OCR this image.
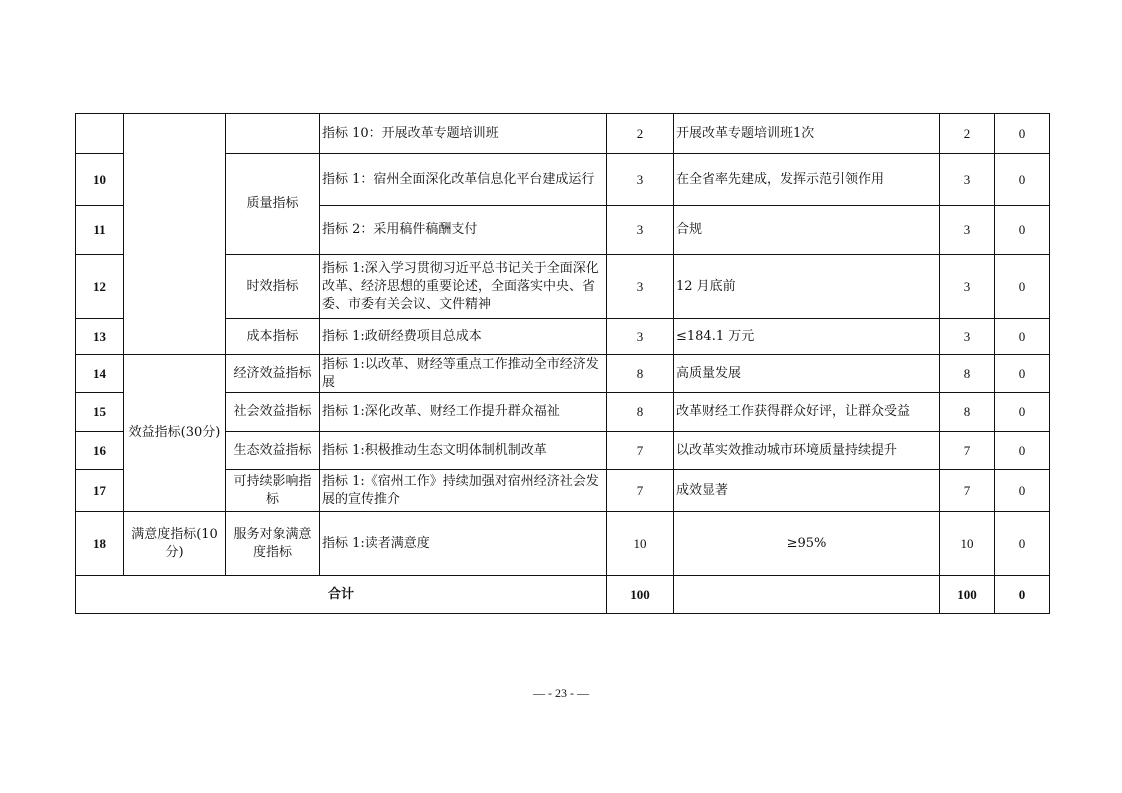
			指标 10：开展改革专题培训班	2	开展改革专题培训班1次	2	0
10		质量指标	指标 1：宿州全面深化改革信息化平台建成运行	3	在全省率先建成，发挥示范引领作用	3	0
11			指标 2：采用稿件稿酬支付	3	合规	3	0
12		时效指标	指标 1:深入学习贯彻习近平总书记关于全面深化改革、经济思想的重要论述，全面落实中央、省委、市委有关会议、文件精神	3	12 月底前	3	0
13		成本指标	指标 1:政研经费项目总成本	3	≤184.1 万元	3	0
14	效益指标(30分)	经济效益指标	指标 1:以改革、财经等重点工作推动全市经济发展	8	高质量发展	8	0
15		社会效益指标	指标 1:深化改革、财经工作提升群众福祉	8	改革财经工作获得群众好评，让群众受益	8	0
16		生态效益指标	指标 1:积极推动生态文明体制机制改革	7	以改革实效推动城市环境质量持续提升	7	0
17		可持续影响指标	指标 1:《宿州工作》持续加强对宿州经济社会发展的宣传推介	7	成效显著	7	0
18	满意度指标(10分)	服务对象满意度指标	指标 1:读者满意度	10	≥95%	10	0
合计				100		100	0
— - 23 - —
